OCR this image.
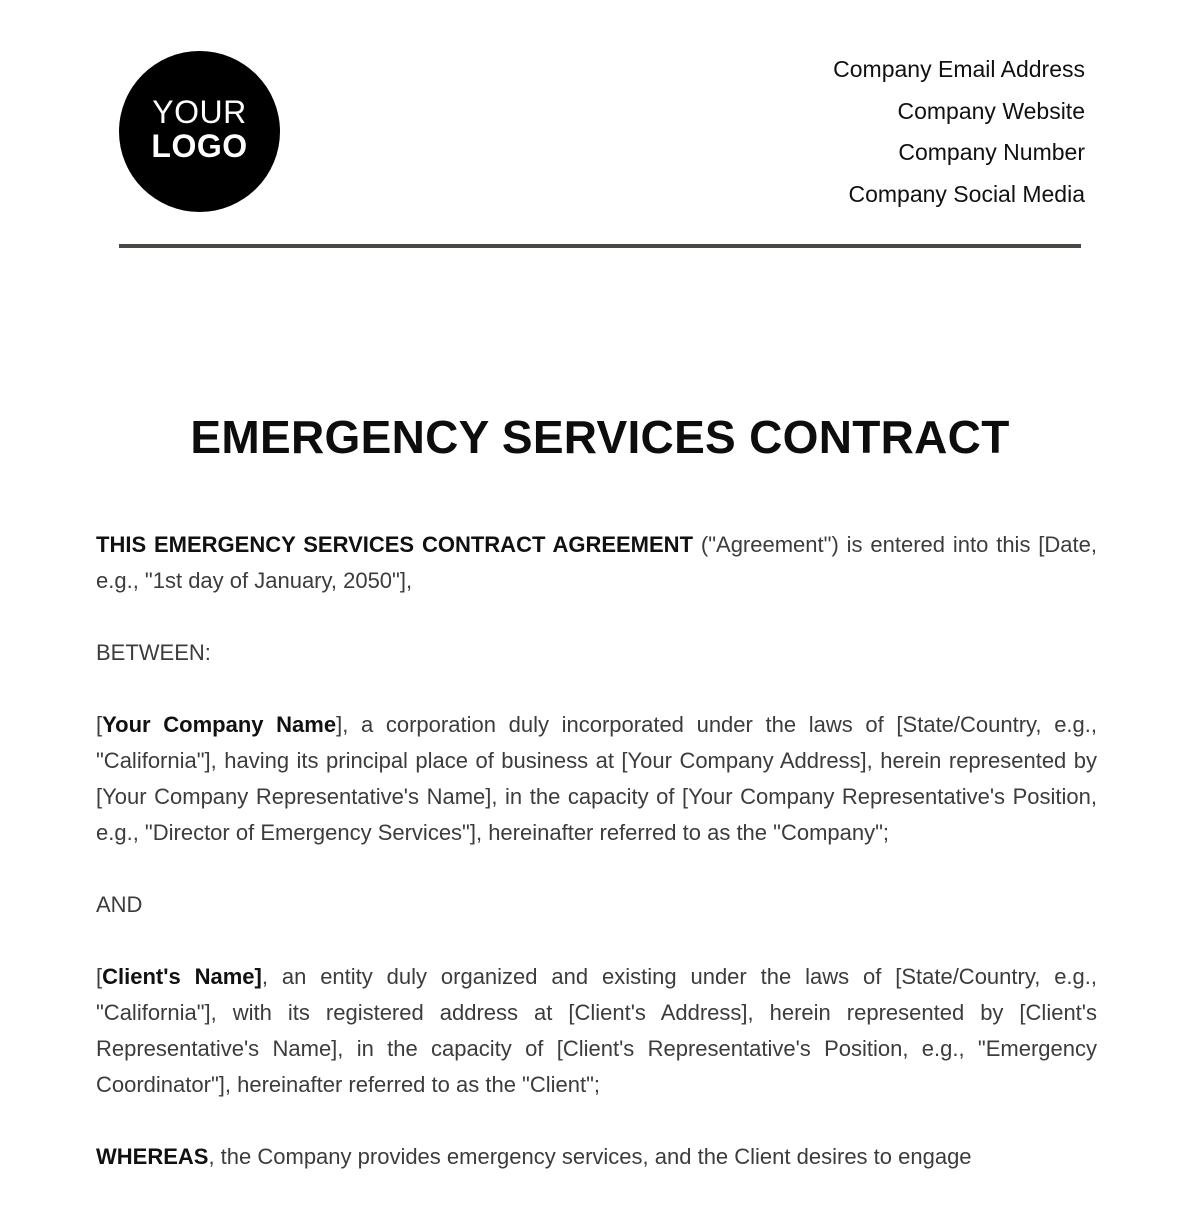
YOUR
LOGO
Company Email Address
Company Website
Company Number
Company Social Media
EMERGENCY SERVICES CONTRACT

THIS EMERGENCY SERVICES CONTRACT AGREEMENT ("Agreement") is entered into this [Date, e.g., "1st day of January, 2050"],

BETWEEN:

[Your Company Name], a corporation duly incorporated under the laws of [State/Country, e.g., "California"], having its principal place of business at [Your Company Address], herein represented by [Your Company Representative's Name], in the capacity of [Your Company Representative's Position, e.g., "Director of Emergency Services"], hereinafter referred to as the "Company";

AND

[Client's Name], an entity duly organized and existing under the laws of [State/Country, e.g., "California"], with its registered address at [Client's Address], herein represented by [Client's Representative's Name], in the capacity of [Client's Representative's Position, e.g., "Emergency Coordinator"], hereinafter referred to as the "Client";

WHEREAS, the Company provides emergency services, and the Client desires to engage
